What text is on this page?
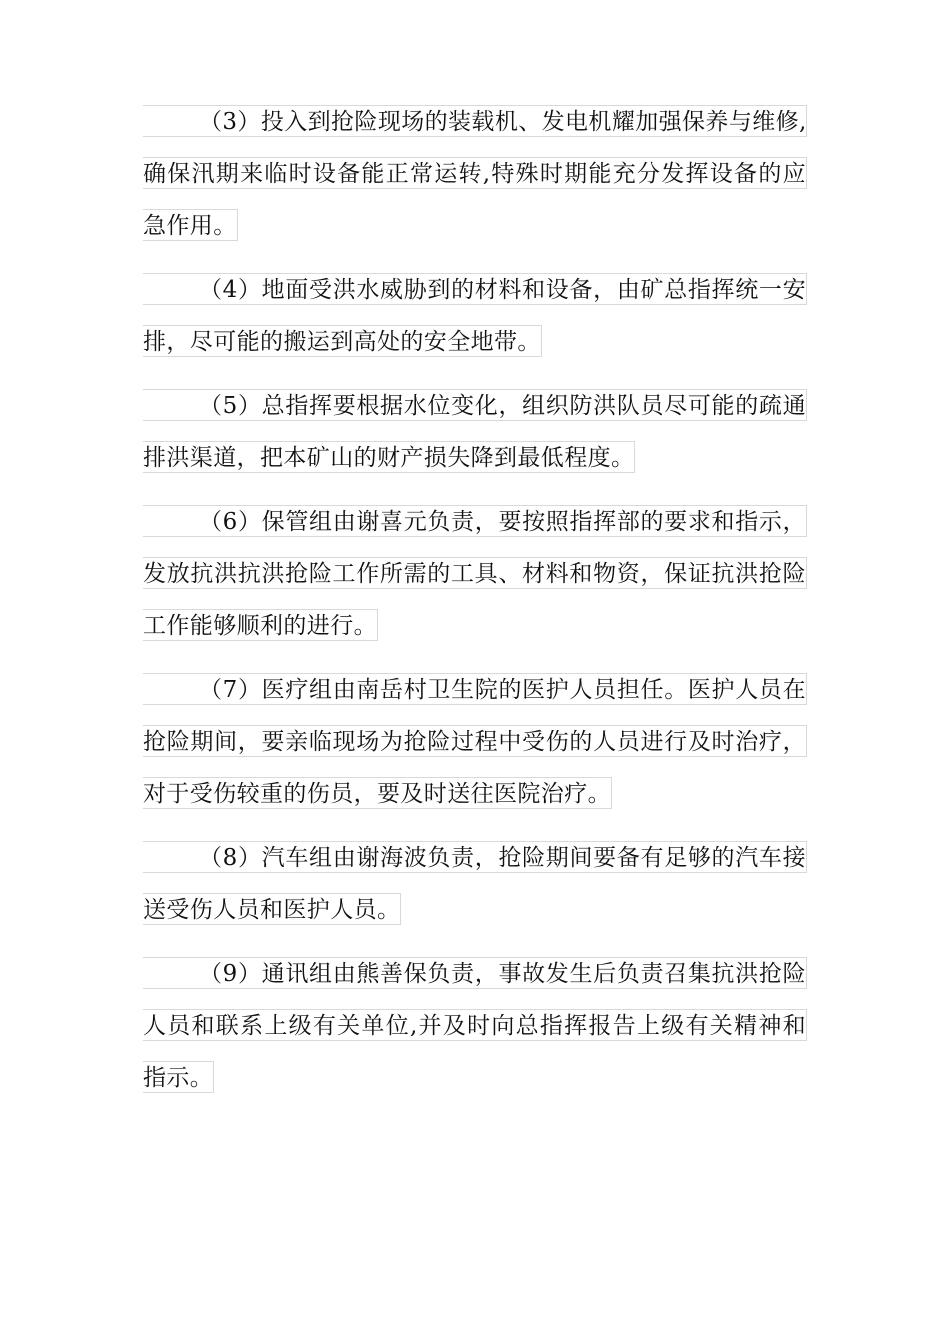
（3）投入到抢险现场的装载机、发电机耀加强保养与维修,
确保汛期来临时设备能正常运转,特殊时期能充分发挥设备的应
急作用。
（4）地面受洪水威胁到的材料和设备，由矿总指挥统一安
排，尽可能的搬运到高处的安全地带。
（5）总指挥要根据水位变化，组织防洪队员尽可能的疏通
排洪渠道，把本矿山的财产损失降到最低程度。
（6）保管组由谢喜元负责，要按照指挥部的要求和指示，
发放抗洪抗洪抢险工作所需的工具、材料和物资，保证抗洪抢险
工作能够顺利的进行。
（7）医疗组由南岳村卫生院的医护人员担任。医护人员在
抢险期间，要亲临现场为抢险过程中受伤的人员进行及时治疗，
对于受伤较重的伤员，要及时送往医院治疗。
（8）汽车组由谢海波负责，抢险期间要备有足够的汽车接
送受伤人员和医护人员。
（9）通讯组由熊善保负责，事故发生后负责召集抗洪抢险
人员和联系上级有关单位,并及时向总指挥报告上级有关精神和
指示。
